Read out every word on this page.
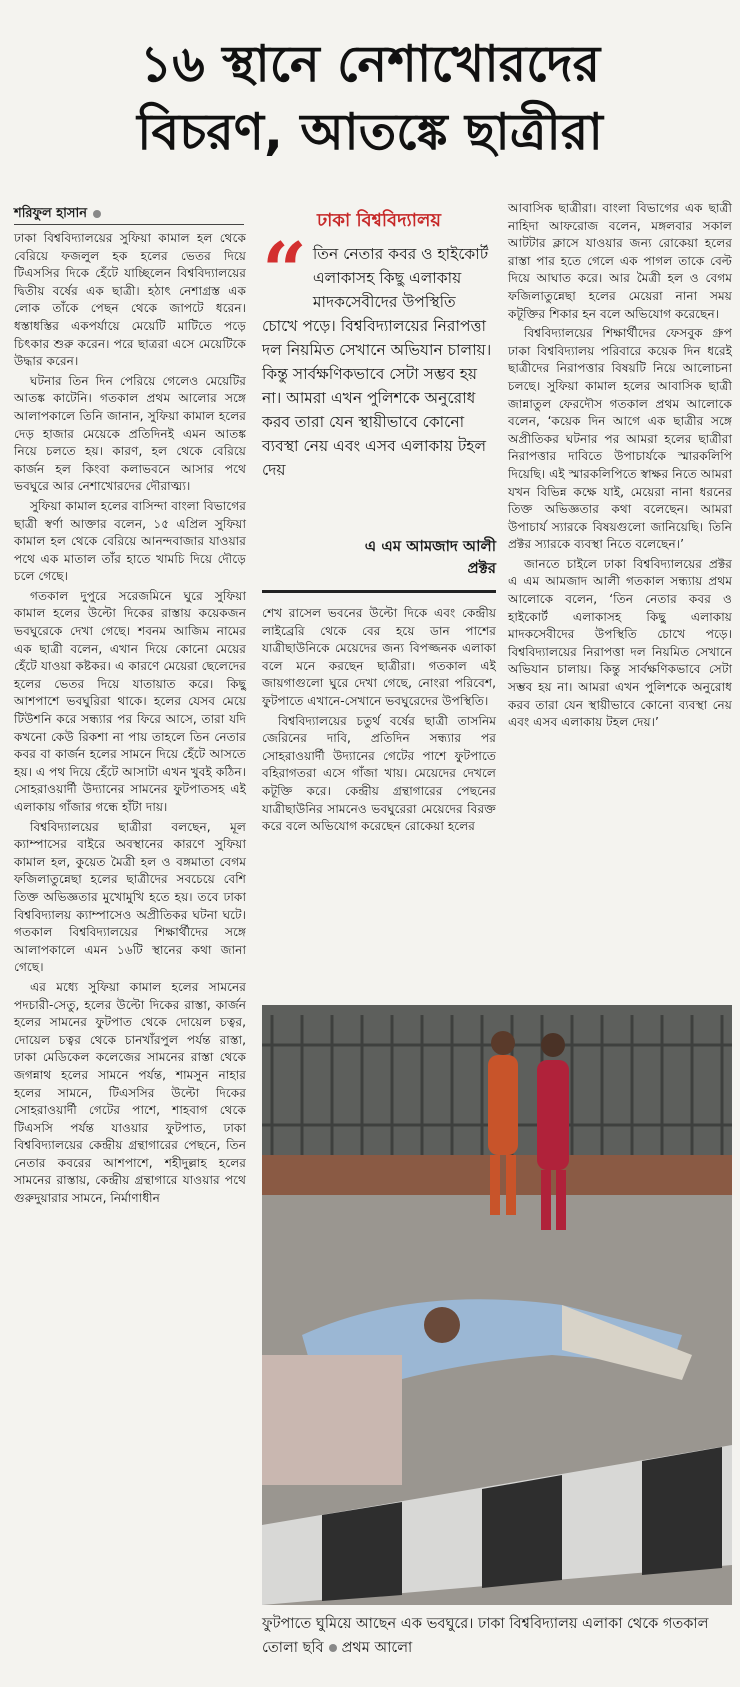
১৬ স্থানে নেশাখোরদের
বিচরণ, আতঙ্কে ছাত্রীরা
শরিফুল হাসান

ঢাকা বিশ্ববিদ্যালয়ের সুফিয়া কামাল হল থেকে বেরিয়ে ফজলুল হক হলের ভেতর দিয়ে টিএসসির দিকে হেঁটে যাচ্ছিলেন বিশ্ববিদ্যালয়ের দ্বিতীয় বর্ষের এক ছাত্রী। হঠাৎ নেশাগ্রস্ত এক লোক তাঁকে পেছন থেকে জাপটে ধরেন। ধস্তাধস্তির একপর্যায়ে মেয়েটি মাটিতে পড়ে চিৎকার শুরু করেন। পরে ছাত্ররা এসে মেয়েটিকে উদ্ধার করেন।

ঘটনার তিন দিন পেরিয়ে গেলেও মেয়েটির আতঙ্ক কাটেনি। গতকাল প্রথম আলোর সঙ্গে আলাপকালে তিনি জানান, সুফিয়া কামাল হলের দেড় হাজার মেয়েকে প্রতিদিনই এমন আতঙ্ক নিয়ে চলতে হয়। কারণ, হল থেকে বেরিয়ে কার্জন হল কিংবা কলাভবনে আসার পথে ভবঘুরে আর নেশাখোরদের দৌরাত্ম্য।

সুফিয়া কামাল হলের বাসিন্দা বাংলা বিভাগের ছাত্রী স্বর্ণা আক্তার বলেন, ১৫ এপ্রিল সুফিয়া কামাল হল থেকে বেরিয়ে আনন্দবাজার যাওয়ার পথে এক মাতাল তাঁর হাতে খামচি দিয়ে দৌড়ে চলে গেছে।

গতকাল দুপুরে সরেজমিনে ঘুরে সুফিয়া কামাল হলের উল্টো দিকের রাস্তায় কয়েকজন ভবঘুরেকে দেখা গেছে। শবনম আজিম নামের এক ছাত্রী বলেন, এখান দিয়ে কোনো মেয়ের হেঁটে যাওয়া কষ্টকর। এ কারণে মেয়েরা ছেলেদের হলের ভেতর দিয়ে যাতায়াত করে। কিছু আশপাশে ভবঘুরিরা থাকে। হলের যেসব মেয়ে টিউশনি করে সন্ধ্যার পর ফিরে আসে, তারা যদি কখনো কেউ রিকশা না পায় তাহলে তিন নেতার কবর বা কার্জন হলের সামনে দিয়ে হেঁটে আসতে হয়। এ পথ দিয়ে হেঁটে আসাটা এখন খুবই কঠিন। সোহরাওয়ার্দী উদ্যানের সামনের ফুটপাতসহ এই এলাকায় গাঁজার গন্ধে হাঁটা দায়।

বিশ্ববিদ্যালয়ের ছাত্রীরা বলছেন, মূল ক্যাম্পাসের বাইরে অবস্থানের কারণে সুফিয়া কামাল হল, কুয়েত মৈত্রী হল ও বঙ্গমাতা বেগম ফজিলাতুন্নেছা হলের ছাত্রীদের সবচেয়ে বেশি তিক্ত অভিজ্ঞতার মুখোমুখি হতে হয়। তবে ঢাকা বিশ্ববিদ্যালয় ক্যাম্পাসেও অপ্রীতিকর ঘটনা ঘটে। গতকাল বিশ্ববিদ্যালয়ের শিক্ষার্থীদের সঙ্গে আলাপকালে এমন ১৬টি স্থানের কথা জানা গেছে।

এর মধ্যে সুফিয়া কামাল হলের সামনের পদচারী-সেতু, হলের উল্টো দিকের রাস্তা, কার্জন হলের সামনের ফুটপাত থেকে দোয়েল চত্বর, দোয়েল চত্বর থেকে চানখাঁরপুল পর্যন্ত রাস্তা, ঢাকা মেডিকেল কলেজের সামনের রাস্তা থেকে জগন্নাথ হলের সামনে পর্যন্ত, শামসুন নাহার হলের সামনে, টিএসসির উল্টো দিকের সোহরাওয়ার্দী গেটের পাশে, শাহবাগ থেকে টিএসসি পর্যন্ত যাওয়ার ফুটপাত, ঢাকা বিশ্ববিদ্যালয়ের কেন্দ্রীয় গ্রন্থাগারের পেছনে, তিন নেতার কবরের আশপাশে, শহীদুল্লাহ হলের সামনের রাস্তায়, কেন্দ্রীয় গ্রন্থাগারে যাওয়ার পথে গুরুদুয়ারার সামনে, নির্মাণাধীন

ঢাকা বিশ্ববিদ্যালয়
“ তিন নেতার কবর ও হাইকোর্ট এলাকাসহ কিছু এলাকায় মাদকসেবীদের উপস্থিতি চোখে পড়ে। বিশ্ববিদ্যালয়ের নিরাপত্তা দল নিয়মিত সেখানে অভিযান চালায়। কিন্তু সার্বক্ষণিকভাবে সেটা সম্ভব হয় না। আমরা এখন পুলিশকে অনুরোধ করব তারা যেন স্থায়ীভাবে কোনো ব্যবস্থা নেয় এবং এসব এলাকায় টহল দেয়
এ এম আমজাদ আলী
প্রক্টর

শেখ রাসেল ভবনের উল্টো দিকে এবং কেন্দ্রীয় লাইব্রেরি থেকে বের হয়ে ডান পাশের যাত্রীছাউনিকে মেয়েদের জন্য বিপজ্জনক এলাকা বলে মনে করছেন ছাত্রীরা। গতকাল এই জায়গাগুলো ঘুরে দেখা গেছে, নোংরা পরিবেশ, ফুটপাতে এখানে-সেখানে ভবঘুরেদের উপস্থিতি।

বিশ্ববিদ্যালয়ের চতুর্থ বর্ষের ছাত্রী তাসনিম জেরিনের দাবি, প্রতিদিন সন্ধ্যার পর সোহরাওয়ার্দী উদ্যানের গেটের পাশে ফুটপাতে বহিরাগতরা এসে গাঁজা খায়। মেয়েদের দেখলে কটূক্তি করে। কেন্দ্রীয় গ্রন্থাগারের পেছনের যাত্রীছাউনির সামনেও ভবঘুরেরা মেয়েদের বিরক্ত করে বলে অভিযোগ করেছেন রোকেয়া হলের

আবাসিক ছাত্রীরা। বাংলা বিভাগের এক ছাত্রী নাহিদা আফরোজ বলেন, মঙ্গলবার সকাল আটটার ক্লাসে যাওয়ার জন্য রোকেয়া হলের রাস্তা পার হতে গেলে এক পাগল তাকে বেল্ট দিয়ে আঘাত করে। আর মৈত্রী হল ও বেগম ফজিলাতুন্নেছা হলের মেয়েরা নানা সময় কটূক্তির শিকার হন বলে অভিযোগ করেছেন।

বিশ্ববিদ্যালয়ের শিক্ষার্থীদের ফেসবুক গ্রুপ ঢাকা বিশ্ববিদ্যালয় পরিবারে কয়েক দিন ধরেই ছাত্রীদের নিরাপত্তার বিষয়টি নিয়ে আলোচনা চলছে। সুফিয়া কামাল হলের আবাসিক ছাত্রী জান্নাতুল ফেরদৌস গতকাল প্রথম আলোকে বলেন, ‘কয়েক দিন আগে এক ছাত্রীর সঙ্গে অপ্রীতিকর ঘটনার পর আমরা হলের ছাত্রীরা নিরাপত্তার দাবিতে উপাচার্যকে স্মারকলিপি দিয়েছি। এই স্মারকলিপিতে স্বাক্ষর নিতে আমরা যখন বিভিন্ন কক্ষে যাই, মেয়েরা নানা ধরনের তিক্ত অভিজ্ঞতার কথা বলেছেন। আমরা উপাচার্য স্যারকে বিষয়গুলো জানিয়েছি। তিনি প্রক্টর স্যারকে ব্যবস্থা নিতে বলেছেন।’

জানতে চাইলে ঢাকা বিশ্ববিদ্যালয়ের প্রক্টর এ এম আমজাদ আলী গতকাল সন্ধ্যায় প্রথম আলোকে বলেন, ‘তিন নেতার কবর ও হাইকোর্ট এলাকাসহ কিছু এলাকায় মাদকসেবীদের উপস্থিতি চোখে পড়ে। বিশ্ববিদ্যালয়ের নিরাপত্তা দল নিয়মিত সেখানে অভিযান চালায়। কিন্তু সার্বক্ষণিকভাবে সেটা সম্ভব হয় না। আমরা এখন পুলিশকে অনুরোধ করব তারা যেন স্থায়ীভাবে কোনো ব্যবস্থা নেয় এবং এসব এলাকায় টহল দেয়।’

ফুটপাতে ঘুমিয়ে আছেন এক ভবঘুরে। ঢাকা বিশ্ববিদ্যালয় এলাকা থেকে গতকাল তোলা ছবি প্রথম আলো
